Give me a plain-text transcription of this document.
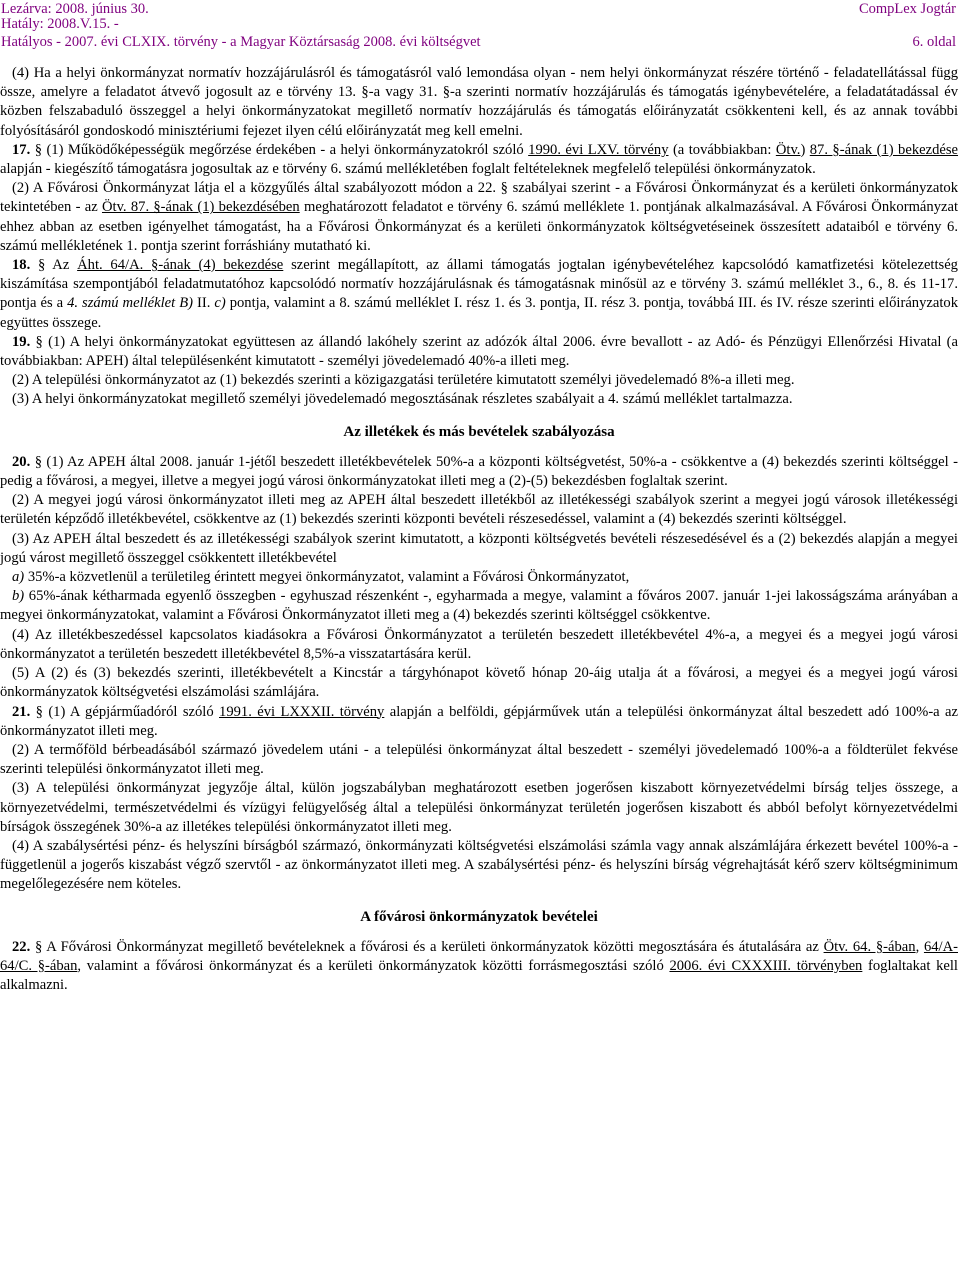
Lezárva: 2008. június 30.	CompLex Jogtár
Hatály: 2008.V.15. -
Hatályos - 2007. évi CLXIX. törvény - a Magyar Köztársaság 2008. évi költségvet	6. oldal

(4) Ha a helyi önkormányzat normatív hozzájárulásról és támogatásról való lemondása olyan - nem helyi önkormányzat részére történő - feladatellátással függ össze, amelyre a feladatot átvevő jogosult az e törvény 13. §-a vagy 31. §-a szerinti normatív hozzájárulás és támogatás igénybevételére, a feladatátadással év közben felszabaduló összeggel a helyi önkormányzatokat megillető normatív hozzájárulás és támogatás előirányzatát csökkenteni kell, és az annak további folyósításáról gondoskodó minisztériumi fejezet ilyen célú előirányzatát meg kell emelni.

17. § (1) Működőképességük megőrzése érdekében - a helyi önkormányzatokról szóló 1990. évi LXV. törvény (a továbbiakban: Ötv.) 87. §-ának (1) bekezdése alapján - kiegészítő támogatásra jogosultak az e törvény 6. számú mellékletében foglalt feltételeknek megfelelő települési önkormányzatok.

(2) A Fővárosi Önkormányzat látja el a közgyűlés által szabályozott módon a 22. § szabályai szerint - a Fővárosi Önkormányzat és a kerületi önkormányzatok tekintetében - az Ötv. 87. §-ának (1) bekezdésében meghatározott feladatot e törvény 6. számú melléklete 1. pontjának alkalmazásával. A Fővárosi Önkormányzat ehhez abban az esetben igényelhet támogatást, ha a Fővárosi Önkormányzat és a kerületi önkormányzatok költségvetéseinek összesített adataiból e törvény 6. számú mellékletének 1. pontja szerint forráshiány mutatható ki.

18. § Az Áht. 64/A. §-ának (4) bekezdése szerint megállapított, az állami támogatás jogtalan igénybevételéhez kapcsolódó kamatfizetési kötelezettség kiszámítása szempontjából feladatmutatóhoz kapcsolódó normatív hozzájárulásnak és támogatásnak minősül az e törvény 3. számú melléklet 3., 6., 8. és 11-17. pontja és a 4. számú melléklet B) II. c) pontja, valamint a 8. számú melléklet I. rész 1. és 3. pontja, II. rész 3. pontja, továbbá III. és IV. része szerinti előirányzatok együttes összege.

19. § (1) A helyi önkormányzatokat együttesen az állandó lakóhely szerint az adózók által 2006. évre bevallott - az Adó- és Pénzügyi Ellenőrzési Hivatal (a továbbiakban: APEH) által településenként kimutatott - személyi jövedelemadó 40%-a illeti meg.

(2) A települési önkormányzatot az (1) bekezdés szerinti a közigazgatási területére kimutatott személyi jövedelemadó 8%-a illeti meg.

(3) A helyi önkormányzatokat megillető személyi jövedelemadó megosztásának részletes szabályait a 4. számú melléklet tartalmazza.

Az illetékek és más bevételek szabályozása

20. § (1) Az APEH által 2008. január 1-jétől beszedett illetékbevételek 50%-a a központi költségvetést, 50%-a - csökkentve a (4) bekezdés szerinti költséggel - pedig a fővárosi, a megyei, illetve a megyei jogú városi önkormányzatokat illeti meg a (2)-(5) bekezdésben foglaltak szerint.

(2) A megyei jogú városi önkormányzatot illeti meg az APEH által beszedett illetékből az illetékességi szabályok szerint a megyei jogú városok illetékességi területén képződő illetékbevétel, csökkentve az (1) bekezdés szerinti központi bevételi részesedéssel, valamint a (4) bekezdés szerinti költséggel.

(3) Az APEH által beszedett és az illetékességi szabályok szerint kimutatott, a központi költségvetés bevételi részesedésével és a (2) bekezdés alapján a megyei jogú várost megillető összeggel csökkentett illetékbevétel

a) 35%-a közvetlenül a területileg érintett megyei önkormányzatot, valamint a Fővárosi Önkormányzatot,

b) 65%-ának kétharmada egyenlő összegben - egyhuszad részenként -, egyharmada a megye, valamint a főváros 2007. január 1-jei lakosságszáma arányában a megyei önkormányzatokat, valamint a Fővárosi Önkormányzatot illeti meg a (4) bekezdés szerinti költséggel csökkentve.

(4) Az illetékbeszedéssel kapcsolatos kiadásokra a Fővárosi Önkormányzatot a területén beszedett illetékbevétel 4%-a, a megyei és a megyei jogú városi önkormányzatot a területén beszedett illetékbevétel 8,5%-a visszatartására kerül.

(5) A (2) és (3) bekezdés szerinti, illetékbevételt a Kincstár a tárgyhónapot követő hónap 20-áig utalja át a fővárosi, a megyei és a megyei jogú városi önkormányzatok költségvetési elszámolási számlájára.

21. § (1) A gépjárműadóról szóló 1991. évi LXXXII. törvény alapján a belföldi, gépjárművek után a települési önkormányzat által beszedett adó 100%-a az önkormányzatot illeti meg.

(2) A termőföld bérbeadásából származó jövedelem utáni - a települési önkormányzat által beszedett - személyi jövedelemadó 100%-a a földterület fekvése szerinti települési önkormányzatot illeti meg.

(3) A települési önkormányzat jegyzője által, külön jogszabályban meghatározott esetben jogerősen kiszabott környezetvédelmi bírság teljes összege, a környezetvédelmi, természetvédelmi és vízügyi felügyelőség által a települési önkormányzat területén jogerősen kiszabott és abból befolyt környezetvédelmi bírságok összegének 30%-a az illetékes települési önkormányzatot illeti meg.

(4) A szabálysértési pénz- és helyszíni bírságból származó, önkormányzati költségvetési elszámolási számla vagy annak alszámlájára érkezett bevétel 100%-a - függetlenül a jogerős kiszabást végző szervtől - az önkormányzatot illeti meg. A szabálysértési pénz- és helyszíni bírság végrehajtását kérő szerv költségminimum megelőlegezésére nem köteles.

A fővárosi önkormányzatok bevételei

22. § A Fővárosi Önkormányzat megillető bevételeknek a fővárosi és a kerületi önkormányzatok közötti megosztására és átutalására az Ötv. 64. §-ában, 64/A-64/C. §-ában, valamint a fővárosi önkormányzat és a kerületi önkormányzatok közötti forrásmegosztási szóló 2006. évi CXXXIII. törvényben foglaltakat kell alkalmazni.
